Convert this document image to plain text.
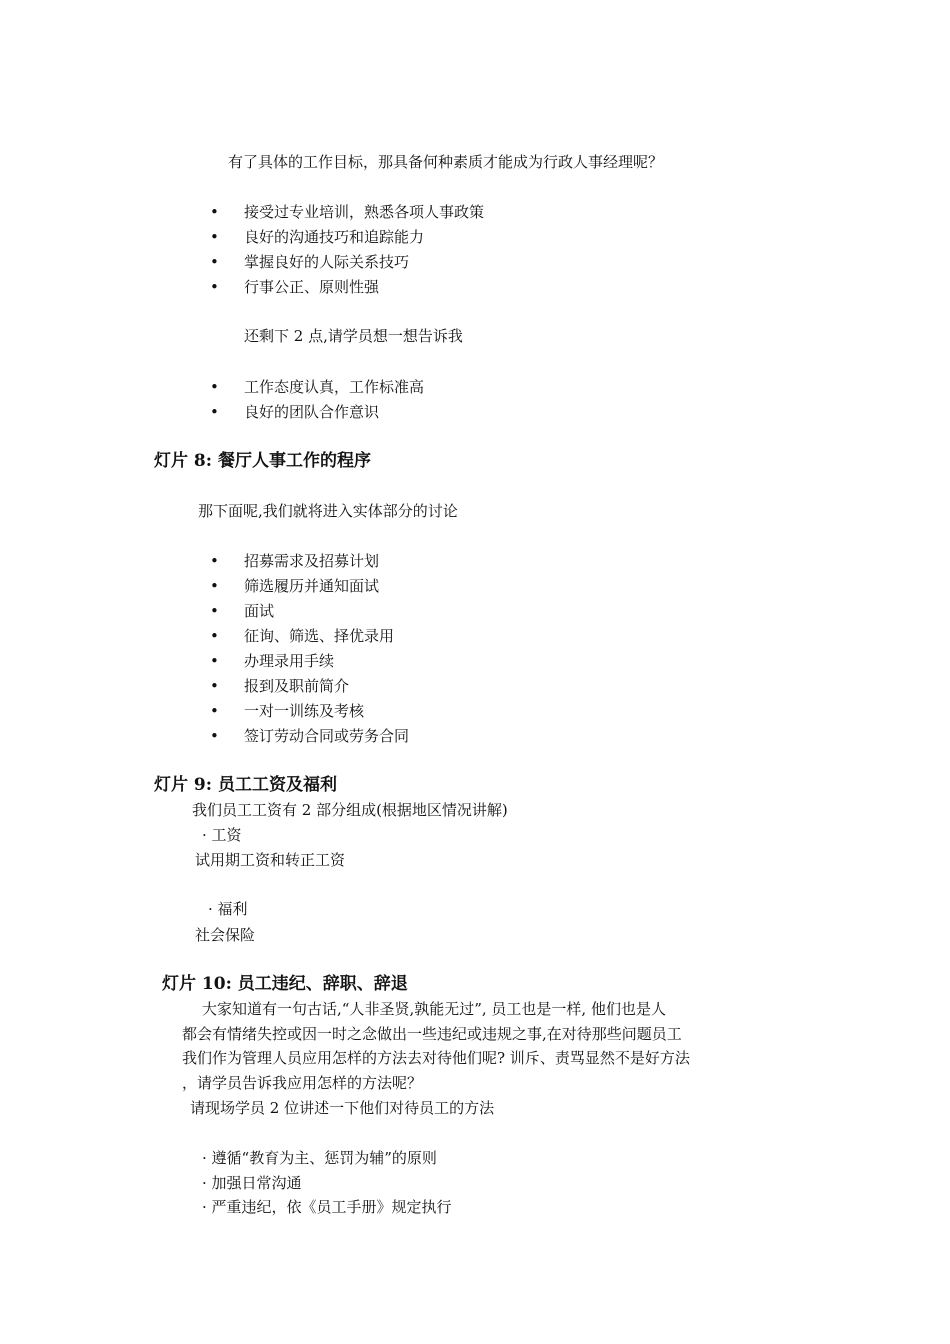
有了具体的工作目标，那具备何种素质才能成为行政人事经理呢？
• 接受过专业培训，熟悉各项人事政策
• 良好的沟通技巧和追踪能力
• 掌握良好的人际关系技巧
• 行事公正、原则性强
还剩下 2 点,请学员想一想告诉我
• 工作态度认真，工作标准高
• 良好的团队合作意识
灯片 8: 餐厅人事工作的程序
那下面呢,我们就将进入实体部分的讨论
• 招募需求及招募计划
• 筛选履历并通知面试
• 面试
• 征询、筛选、择优录用
• 办理录用手续
• 报到及职前简介
• 一对一训练及考核
• 签订劳动合同或劳务合同
灯片 9: 员工工资及福利
我们员工工资有 2 部分组成(根据地区情况讲解)
· 工资
试用期工资和转正工资
· 福利
社会保险
灯片 10: 员工违纪、辞职、辞退
大家知道有一句古话,“人非圣贤,孰能无过”, 员工也是一样, 他们也是人
都会有情绪失控或因一时之念做出一些违纪或违规之事,在对待那些问题员工
我们作为管理人员应用怎样的方法去对待他们呢? 训斥、责骂显然不是好方法
，请学员告诉我应用怎样的方法呢？
请现场学员 2 位讲述一下他们对待员工的方法
· 遵循“教育为主、惩罚为辅”的原则
· 加强日常沟通
· 严重违纪，依《员工手册》规定执行
